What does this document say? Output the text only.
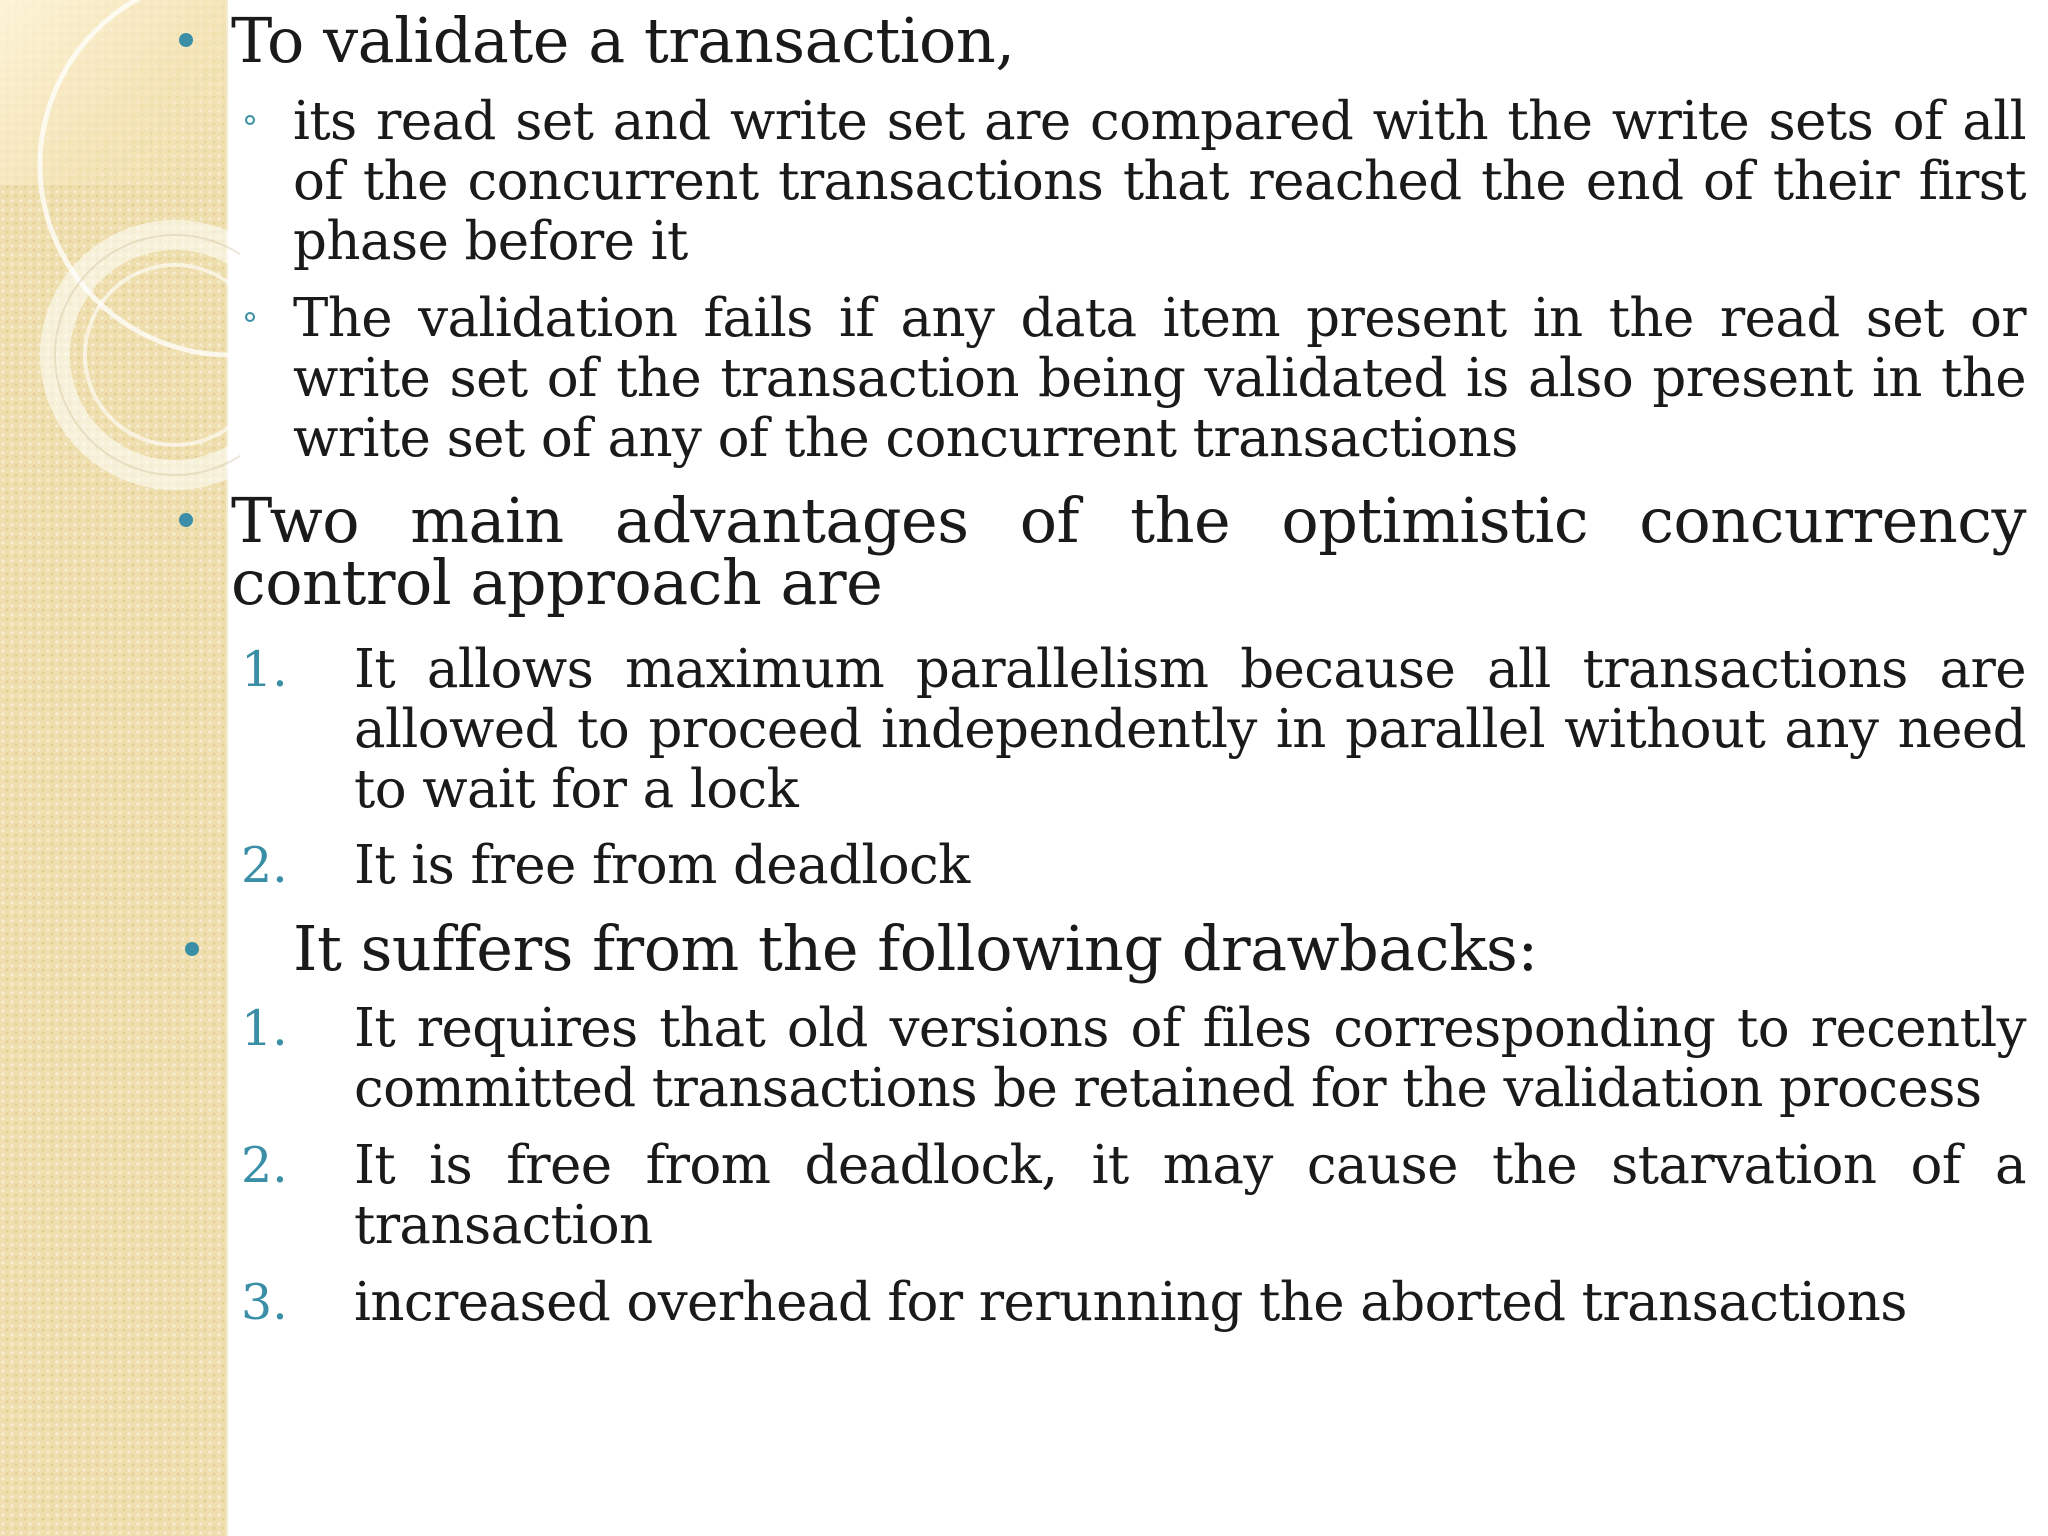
To validate a transaction,
its read set and write set are compared with the write sets of all of the concurrent transactions that reached the end of their first phase before it
The validation fails if any data item present in the read set or write set of the transaction being validated is also present in the write set of any of the concurrent transactions
Two main advantages of the optimistic concurrency control approach are
1. It allows maximum parallelism because all transactions are allowed to proceed independently in parallel without any need to wait for a lock
2. It is free from deadlock
It suffers from the following drawbacks:
1. It requires that old versions of files corresponding to recently committed transactions be retained for the validation process
2. It is free from deadlock, it may cause the starvation of a transaction
3. increased overhead for rerunning the aborted transactions
